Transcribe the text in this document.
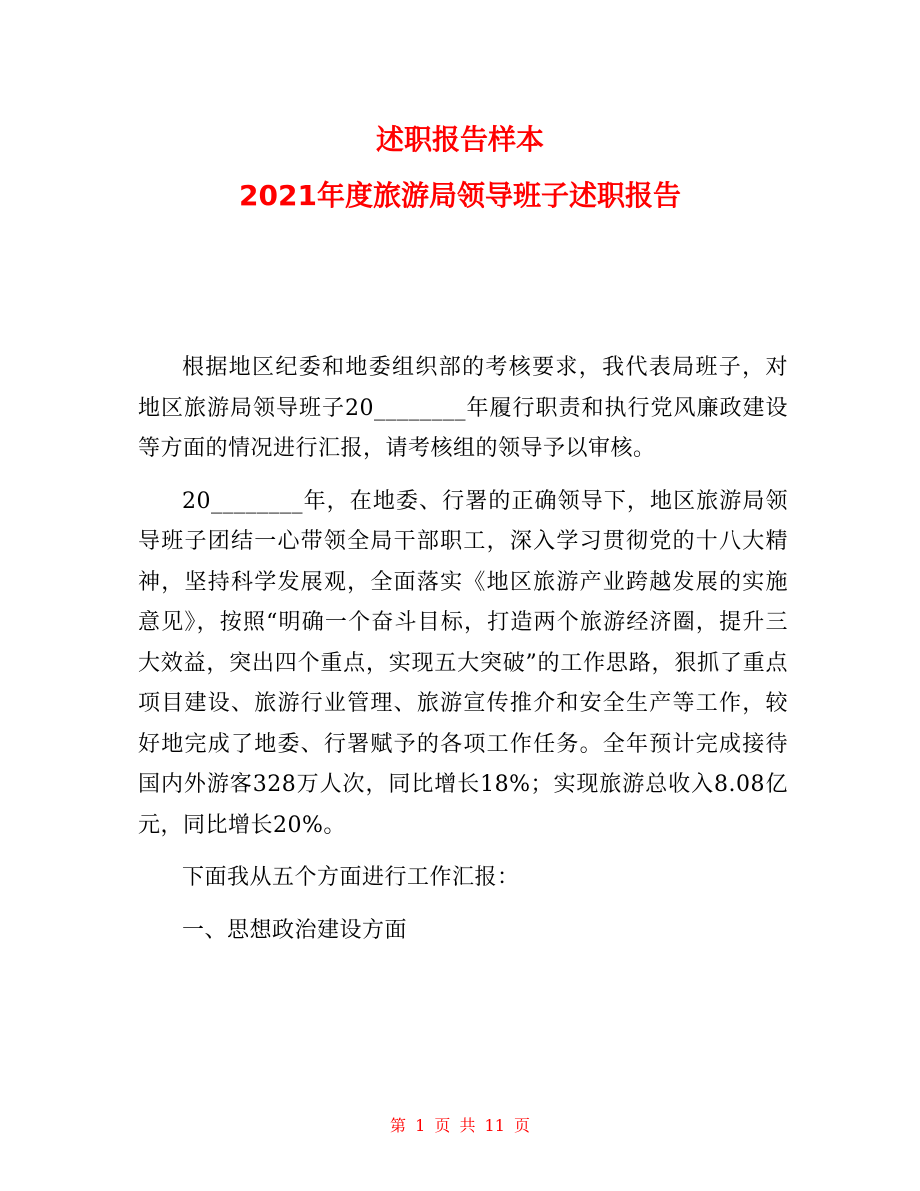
述职报告样本
2021年度旅游局领导班子述职报告

根据地区纪委和地委组织部的考核要求，我代表局班子，对地区旅游局领导班子20________年履行职责和执行党风廉政建设等方面的情况进行汇报，请考核组的领导予以审核。

20________年，在地委、行署的正确领导下，地区旅游局领导班子团结一心带领全局干部职工，深入学习贯彻党的十八大精神，坚持科学发展观，全面落实《地区旅游产业跨越发展的实施意见》，按照“明确一个奋斗目标，打造两个旅游经济圈，提升三大效益，突出四个重点，实现五大突破”的工作思路，狠抓了重点项目建设、旅游行业管理、旅游宣传推介和安全生产等工作，较好地完成了地委、行署赋予的各项工作任务。全年预计完成接待国内外游客328万人次，同比增长18%；实现旅游总收入8.08亿元，同比增长20%。

下面我从五个方面进行工作汇报：

一、思想政治建设方面

第 1 页 共 11 页
